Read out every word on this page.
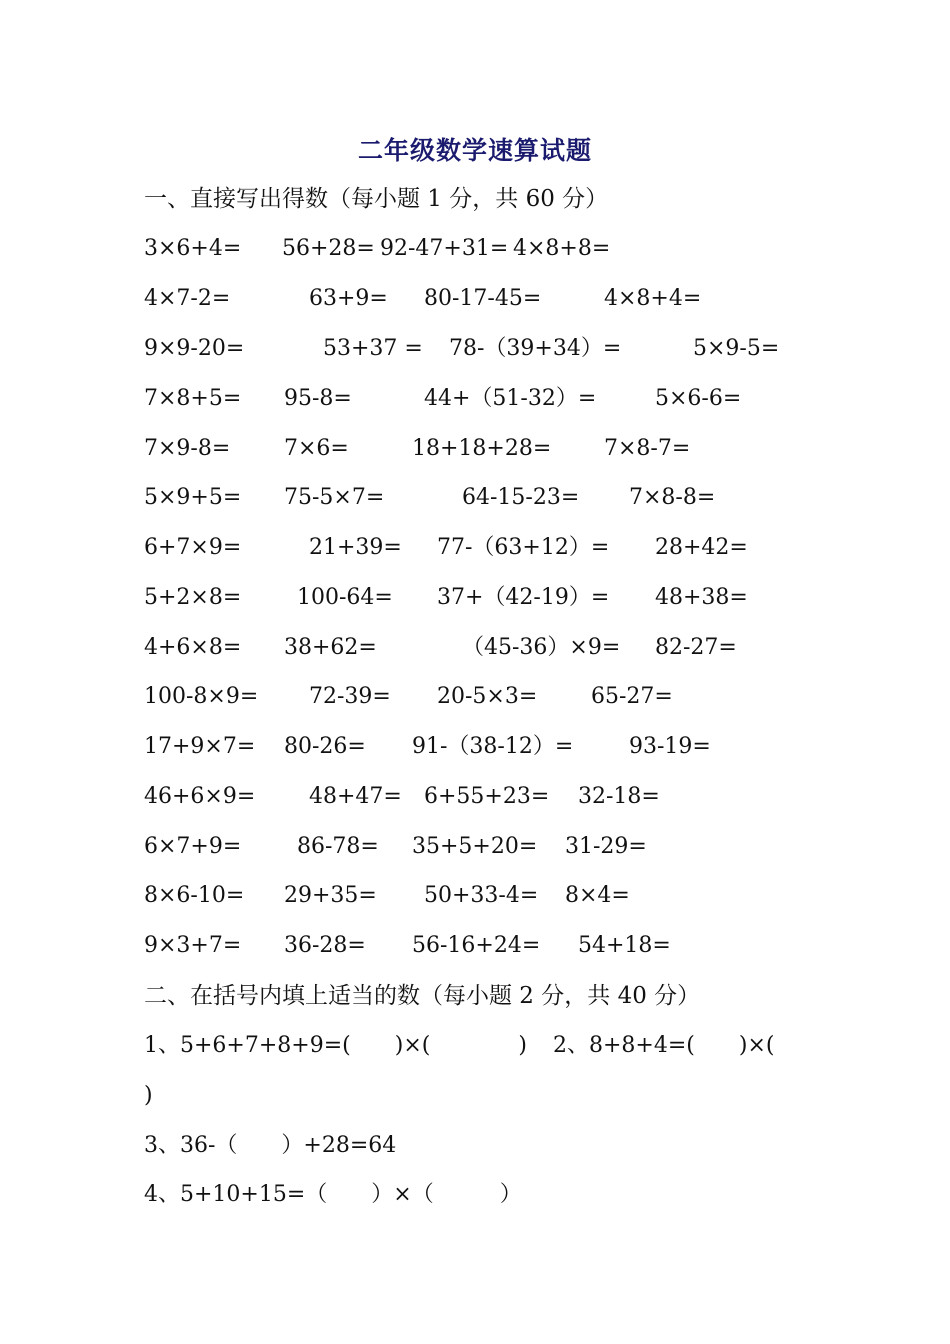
二年级数学速算试题
一、直接写出得数（每小题 1 分，共 60 分）
3×6+4= 56+28= 92-47+31= 4×8+8=
4×7-2=	63+9= 80-17-45=	4×8+4=
9×9-20=	53+37 = 78-（39+34）=	5×9-5=
7×8+5= 95-8=	44+（51-32）=	5×6-6=
7×9-8= 7×6=	18+18+28= 7×8-7=
5×9+5= 75-5×7=	64-15-23= 7×8-8=
6+7×9=	21+39= 77-（63+12）= 28+42=
5+2×8=	100-64= 37+（42-19）= 48+38=
4+6×8= 38+62=	（45-36）×9= 82-27=
100-8×9= 72-39= 20-5×3= 65-27=
17+9×7= 80-26= 91-（38-12）=	93-19=
46+6×9= 48+47= 6+55+23= 32-18=
6×7+9=	86-78= 35+5+20= 31-29=
8×6-10= 29+35= 50+33-4= 8×4=
9×3+7= 36-28= 56-16+24= 54+18=
二、在括号内填上适当的数（每小题 2 分，共 40 分）
1、5+6+7+8+9=(　　)×(　　　　) 2、8+8+4=(　　)×(
)
3、36-（　　）+28=64
4、5+10+15=（　　）×（　　　）
